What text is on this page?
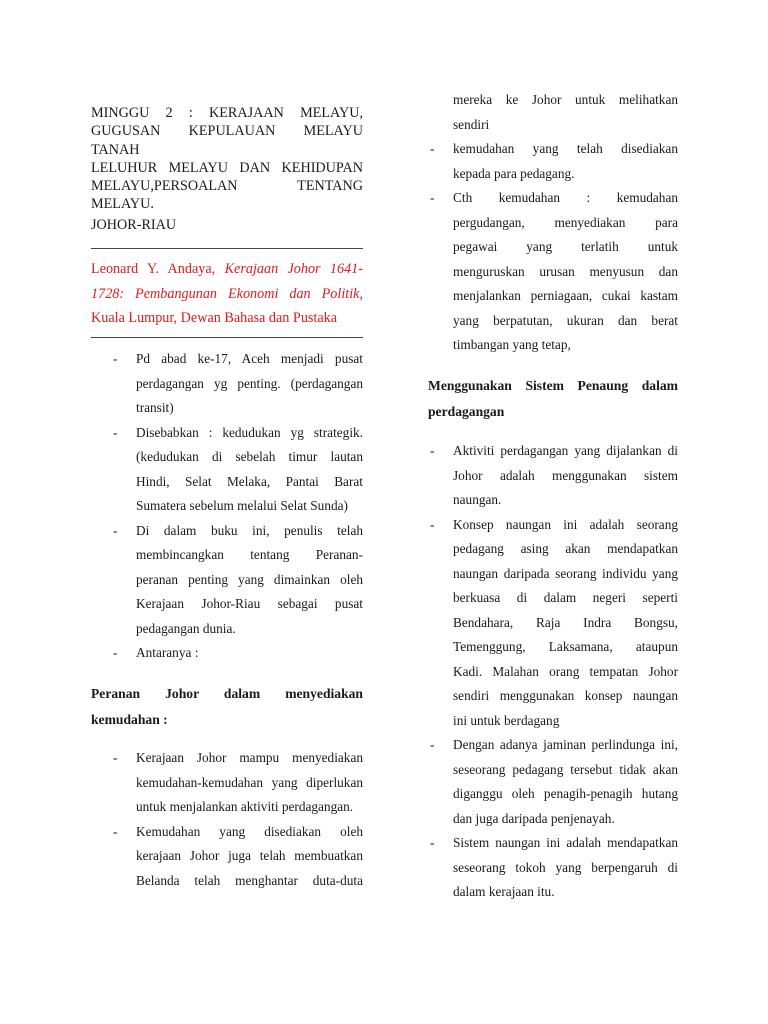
MINGGU 2 : KERAJAAN MELAYU,
GUGUSAN KEPULAUAN MELAYU TANAH
LELUHUR MELAYU DAN KEHIDUPAN
MELAYU,PERSOALAN TENTANG
MELAYU.
JOHOR-RIAU
Leonard Y. Andaya, Kerajaan Johor 1641-
1728: Pembangunan Ekonomi dan Politik,
Kuala Lumpur, Dewan Bahasa dan Pustaka
- Pd abad ke-17, Aceh menjadi pusat
perdagangan yg penting. (perdagangan
transit)
- Disebabkan : kedudukan yg strategik.
(kedudukan di sebelah timur lautan
Hindi, Selat Melaka, Pantai Barat
Sumatera sebelum melalui Selat Sunda)
- Di dalam buku ini, penulis telah
membincangkan tentang Peranan-
peranan penting yang dimainkan oleh
Kerajaan Johor-Riau sebagai pusat
pedagangan dunia.
- Antaranya :
Peranan Johor dalam menyediakan
kemudahan :
- Kerajaan Johor mampu menyediakan
kemudahan-kemudahan yang diperlukan
untuk menjalankan aktiviti perdagangan.
- Kemudahan yang disediakan oleh
kerajaan Johor juga telah membuatkan
Belanda telah menghantar duta-duta
mereka ke Johor untuk melihatkan
sendiri
- kemudahan yang telah disediakan
kepada para pedagang.
- Cth kemudahan : kemudahan
pergudangan, menyediakan para
pegawai yang terlatih untuk
menguruskan urusan menyusun dan
menjalankan perniagaan, cukai kastam
yang berpatutan, ukuran dan berat
timbangan yang tetap,
Menggunakan Sistem Penaung dalam
perdagangan
- Aktiviti perdagangan yang dijalankan di
Johor adalah menggunakan sistem
naungan.
- Konsep naungan ini adalah seorang
pedagang asing akan mendapatkan
naungan daripada seorang individu yang
berkuasa di dalam negeri seperti
Bendahara, Raja Indra Bongsu,
Temenggung, Laksamana, ataupun
Kadi. Malahan orang tempatan Johor
sendiri menggunakan konsep naungan
ini untuk berdagang
- Dengan adanya jaminan perlindunga ini,
seseorang pedagang tersebut tidak akan
diganggu oleh penagih-penagih hutang
dan juga daripada penjenayah.
- Sistem naungan ini adalah mendapatkan
seseorang tokoh yang berpengaruh di
dalam kerajaan itu.
